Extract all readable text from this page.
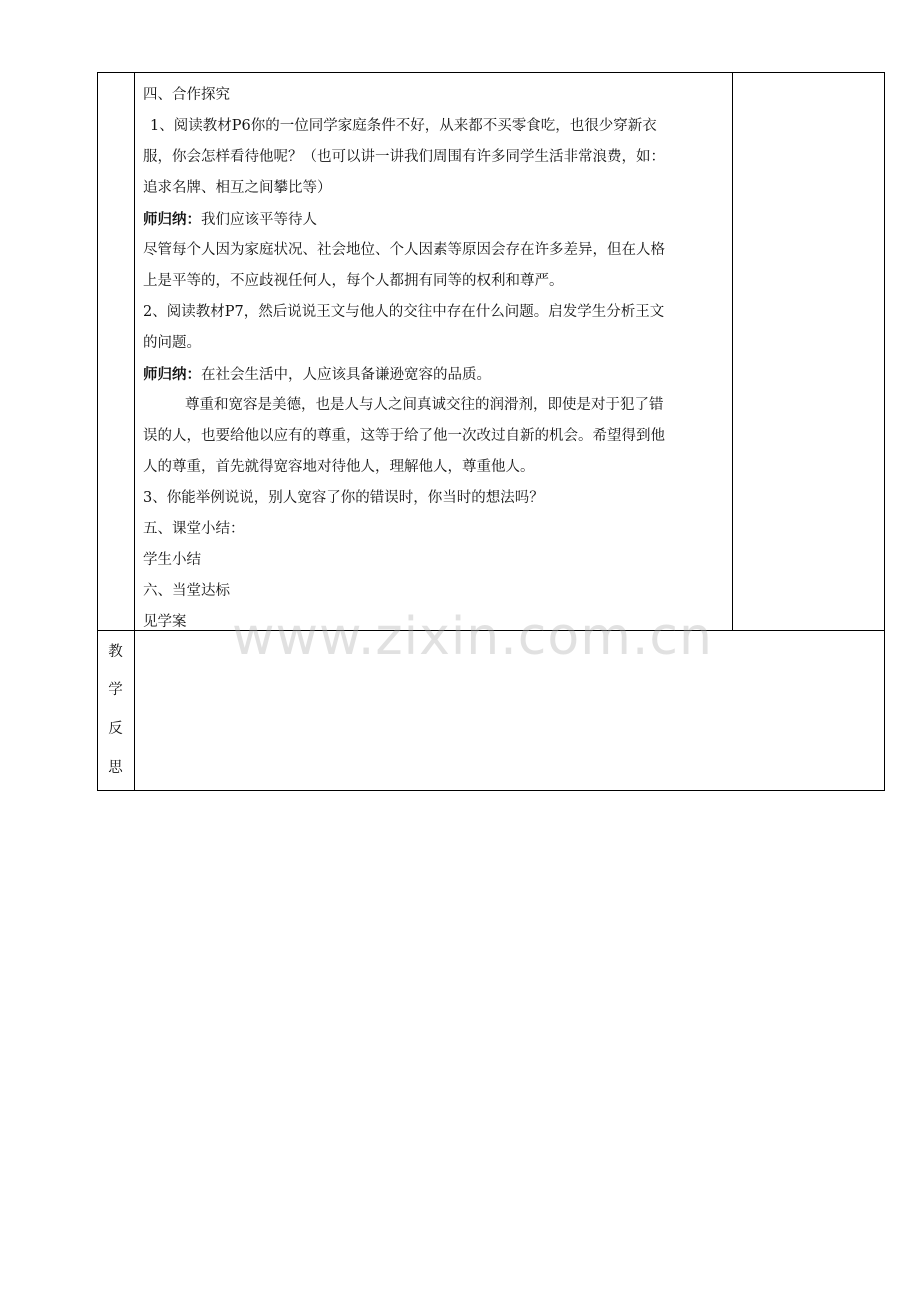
四、合作探究
1、阅读教材P6你的一位同学家庭条件不好，从来都不买零食吃，也很少穿新衣
服，你会怎样看待他呢？（也可以讲一讲我们周围有许多同学生活非常浪费，如：
追求名牌、相互之间攀比等）
师归纳：我们应该平等待人
尽管每个人因为家庭状况、社会地位、个人因素等原因会存在许多差异，但在人格
上是平等的，不应歧视任何人，每个人都拥有同等的权利和尊严。
2、阅读教材P7，然后说说王文与他人的交往中存在什么问题。启发学生分析王文
的问题。
师归纳：在社会生活中，人应该具备谦逊宽容的品质。
尊重和宽容是美德，也是人与人之间真诚交往的润滑剂，即使是对于犯了错
误的人，也要给他以应有的尊重，这等于给了他一次改过自新的机会。希望得到他
人的尊重，首先就得宽容地对待他人，理解他人，尊重他人。
3、你能举例说说，别人宽容了你的错误时，你当时的想法吗？
五、课堂小结：
学生小结
六、当堂达标
见学案
教
学
反
思
www.zixin.com.cn
